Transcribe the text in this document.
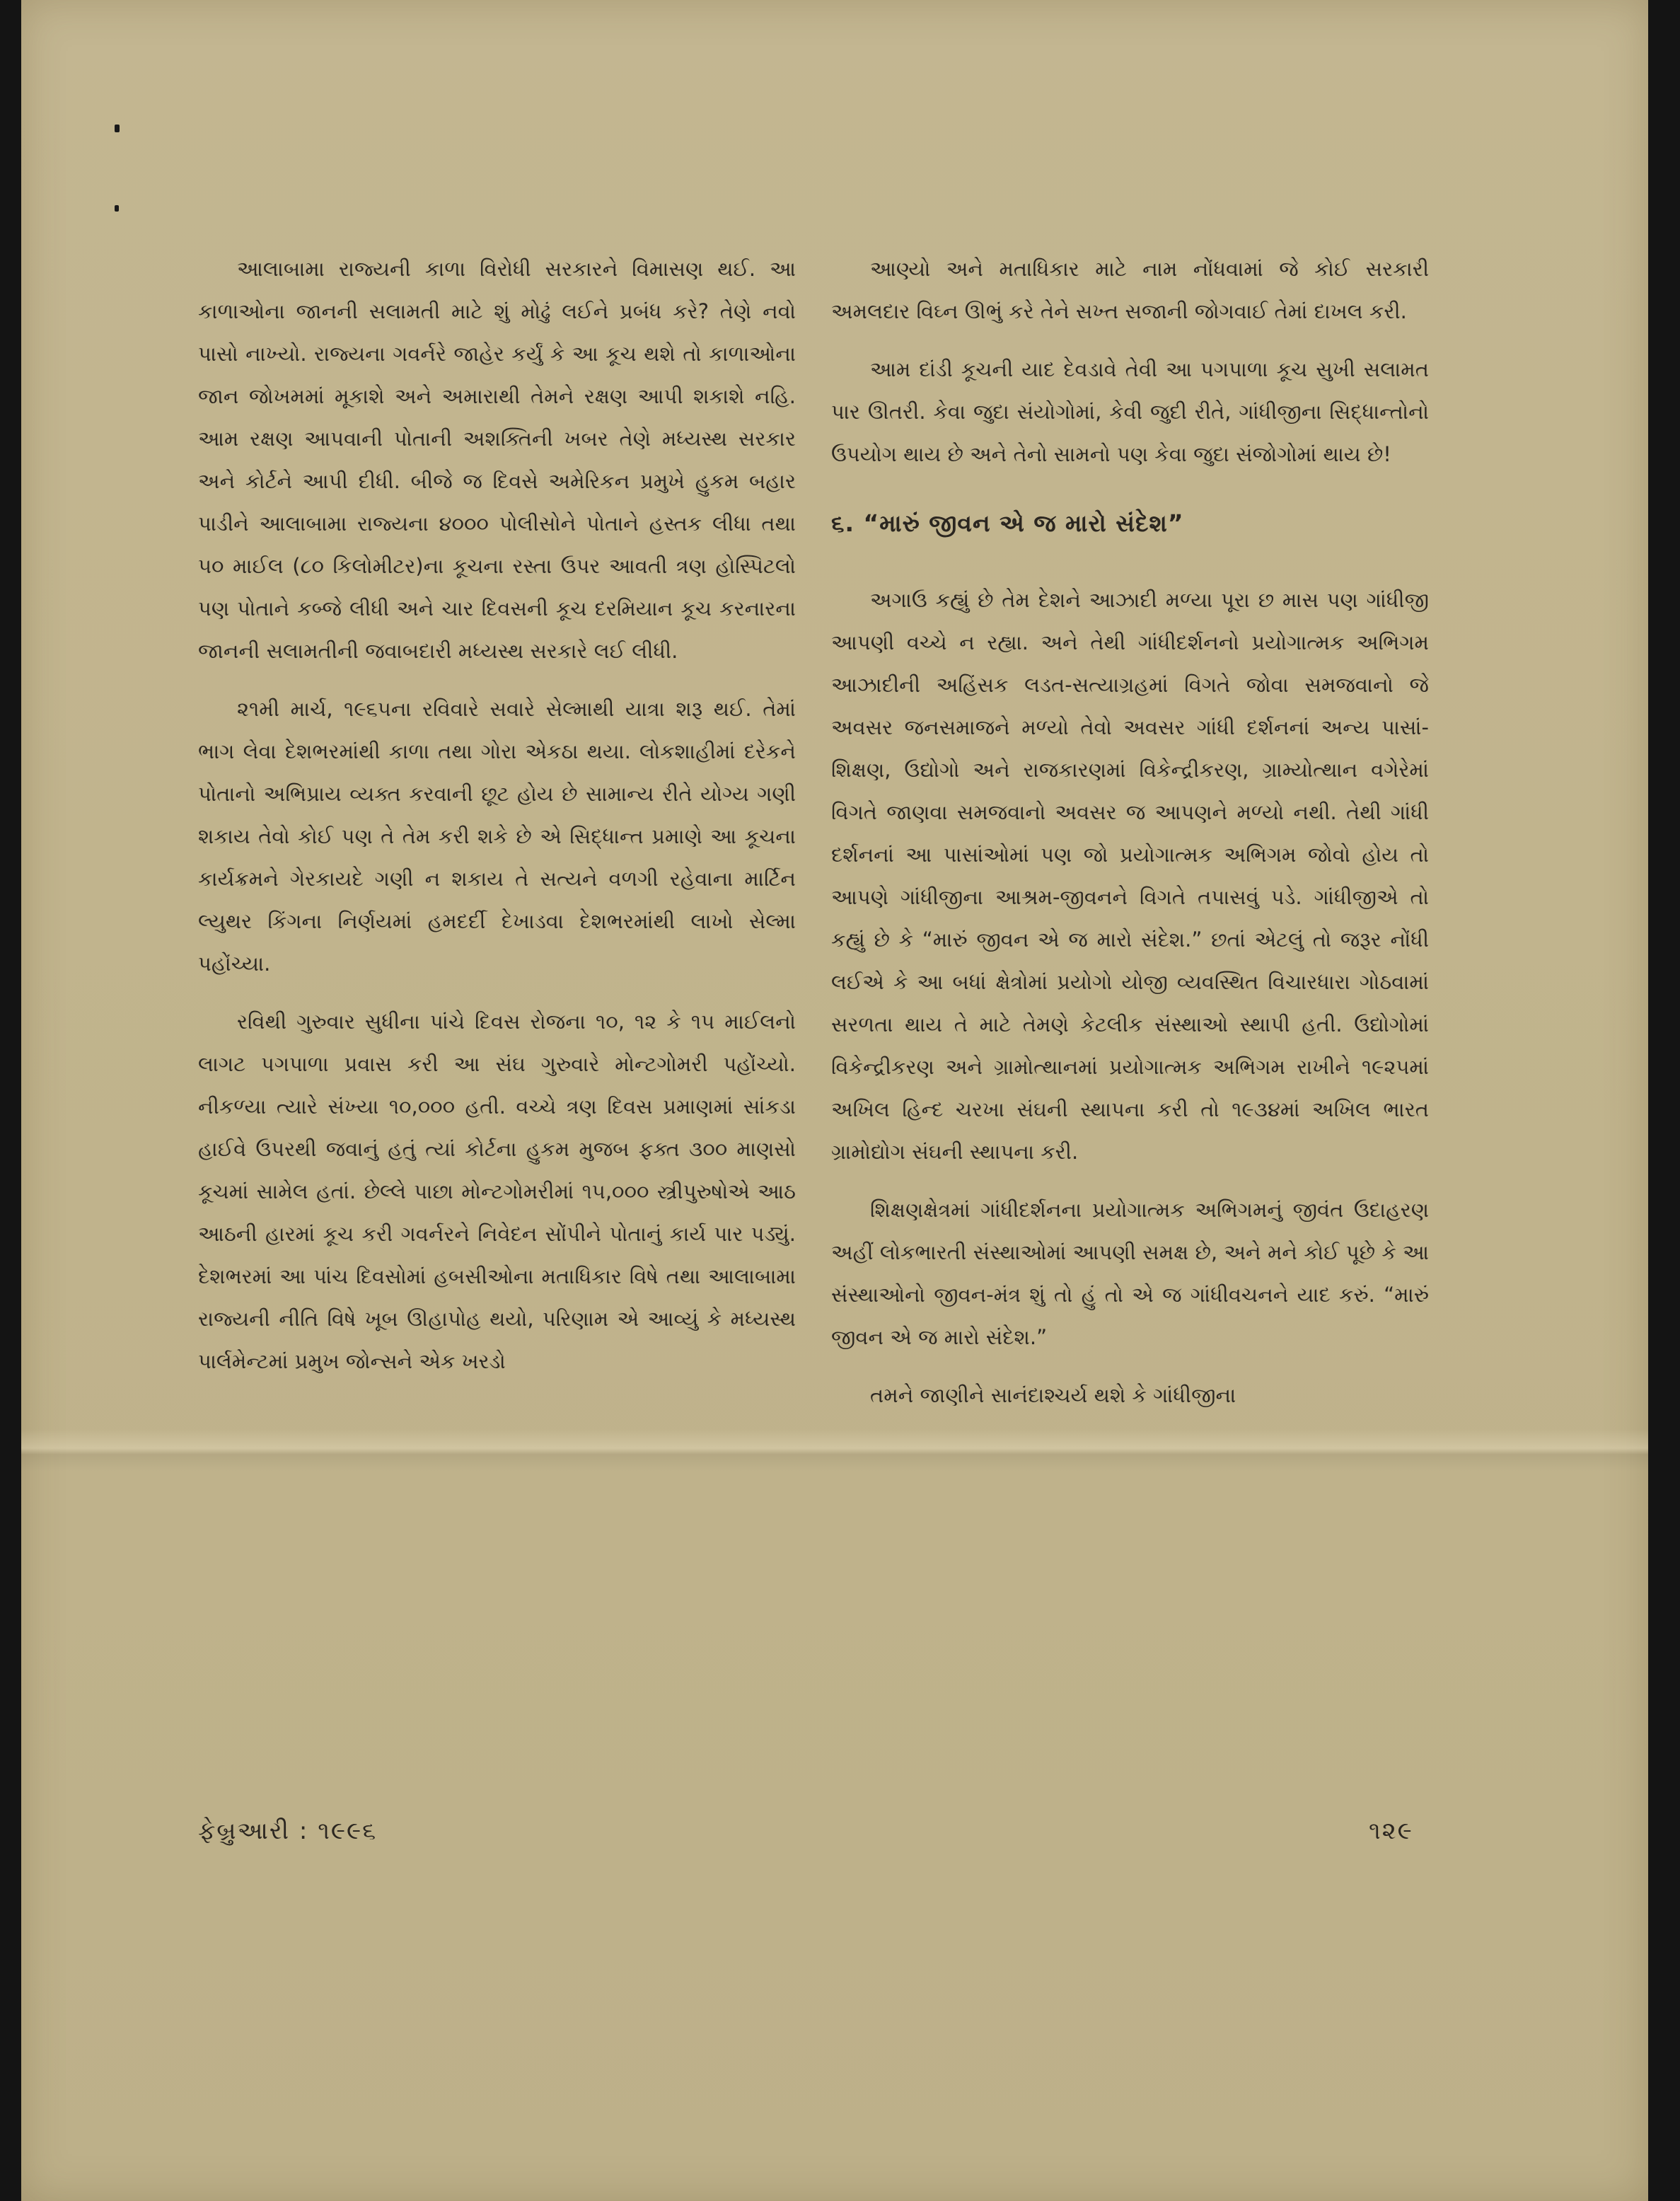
આલાબામા રાજ્યની કાળા વિરોધી સરકારને વિમાસણ થઈ. આ કાળાઓના જાનની સલામતી માટે શું મોઢું લઈને પ્રબંધ કરે? તેણે નવો પાસો નાખ્યો. રાજ્યના ગવર્નરે જાહેર કર્યું કે આ કૂચ થશે તો કાળાઓના જાન જોખમમાં મૂકાશે અને અમારાથી તેમને રક્ષણ આપી શકાશે નહિ. આમ રક્ષણ આપવાની પોતાની અશક્તિની ખબર તેણે મધ્યસ્થ સરકાર અને કોર્ટને આપી દીધી. બીજે જ દિવસે અમેરિકન પ્રમુખે હુકમ બહાર પાડીને આલાબામા રાજ્યના ૪૦૦૦ પોલીસોને પોતાને હસ્તક લીધા તથા ૫૦ માઈલ (૮૦ કિલોમીટર)ના કૂચના રસ્તા ઉપર આવતી ત્રણ હોસ્પિટલો પણ પોતાને કબ્જે લીધી અને ચાર દિવસની કૂચ દરમિયાન કૂચ કરનારના જાનની સલામતીની જવાબદારી મધ્યસ્થ સરકારે લઈ લીધી.

૨૧મી માર્ચ, ૧૯૬૫ના રવિવારે સવારે સેલ્માથી યાત્રા શરૂ થઈ. તેમાં ભાગ લેવા દેશભરમાંથી કાળા તથા ગોરા એકઠા થયા. લોકશાહીમાં દરેકને પોતાનો અભિપ્રાય વ્યક્ત કરવાની છૂટ હોય છે સામાન્ય રીતે યોગ્ય ગણી શકાય તેવો કોઈ પણ તે તેમ કરી શકે છે એ સિદ્ધાન્ત પ્રમાણે આ કૂચના કાર્યક્રમને ગેરકાયદે ગણી ન શકાય તે સત્યને વળગી રહેવાના માર્ટિન લ્યુથર કિંગના નિર્ણયમાં હમદર્દી દેખાડવા દેશભરમાંથી લાખો સેલ્મા પહોંચ્યા.

રવિથી ગુરુવાર સુધીના પાંચે દિવસ રોજના ૧૦, ૧૨ કે ૧૫ માઈલનો લાગટ પગપાળા પ્રવાસ કરી આ સંઘ ગુરુવારે મોન્ટગોમરી પહોંચ્યો. નીકળ્યા ત્યારે સંખ્યા ૧૦,૦૦૦ હતી. વચ્ચે ત્રણ દિવસ પ્રમાણમાં સાંકડા હાઈવે ઉપરથી જવાનું હતું ત્યાં કોર્ટના હુકમ મુજબ ફક્ત ૩૦૦ માણસો કૂચમાં સામેલ હતાં. છેલ્લે પાછા મોન્ટગોમરીમાં ૧૫,૦૦૦ સ્ત્રીપુરુષોએ આઠ આઠની હારમાં કૂચ કરી ગવર્નરને નિવેદન સોંપીને પોતાનું કાર્ય પાર પડ્યું. દેશભરમાં આ પાંચ દિવસોમાં હબસીઓના મતાધિકાર વિષે તથા આલાબામા રાજ્યની નીતિ વિષે ખૂબ ઊહાપોહ થયો, પરિણામ એ આવ્યું કે મધ્યસ્થ પાર્લમેન્ટમાં પ્રમુખ જોન્સને એક ખરડો

આણ્યો અને મતાધિકાર માટે નામ નોંધવામાં જે કોઈ સરકારી અમલદાર વિઘ્ન ઊભું કરે તેને સખ્ત સજાની જોગવાઈ તેમાં દાખલ કરી.

આમ દાંડી કૂચની યાદ દેવડાવે તેવી આ પગપાળા કૂચ સુખી સલામત પાર ઊતરી. કેવા જુદા સંયોગોમાં, કેવી જુદી રીતે, ગાંધીજીના સિદ્ધાન્તોનો ઉપયોગ થાય છે અને તેનો સામનો પણ કેવા જુદા સંજોગોમાં થાય છે!

૬. “મારું જીવન એ જ મારો સંદેશ”

અગાઉ કહ્યું છે તેમ દેશને આઝાદી મળ્યા પૂરા છ માસ પણ ગાંધીજી આપણી વચ્ચે ન રહ્યા. અને તેથી ગાંધીદર્શનનો પ્રયોગાત્મક અભિગમ આઝાદીની અહિંસક લડત-સત્યાગ્રહમાં વિગતે જોવા સમજવાનો જે અવસર જનસમાજને મળ્યો તેવો અવસર ગાંધી દર્શનનાં અન્ય પાસાં-શિક્ષણ, ઉદ્યોગો અને રાજકારણમાં વિકેન્દ્રીકરણ, ગ્રામ્યોત્થાન વગેરેમાં વિગતે જાણવા સમજવાનો અવસર જ આપણને મળ્યો નથી. તેથી ગાંધી દર્શનનાં આ પાસાંઓમાં પણ જો પ્રયોગાત્મક અભિગમ જોવો હોય તો આપણે ગાંધીજીના આશ્રમ-જીવનને વિગતે તપાસવું પડે. ગાંધીજીએ તો કહ્યું છે કે “મારું જીવન એ જ મારો સંદેશ.” છતાં એટલું તો જરૂર નોંધી લઈએ કે આ બધાં ક્ષેત્રોમાં પ્રયોગો યોજી વ્યવસ્થિત વિચારધારા ગોઠવામાં સરળતા થાય તે માટે તેમણે કેટલીક સંસ્થાઓ સ્થાપી હતી. ઉદ્યોગોમાં વિકેન્દ્રીકરણ અને ગ્રામોત્થાનમાં પ્રયોગાત્મક અભિગમ રાખીને ૧૯૨૫માં અખિલ હિન્દ ચરખા સંઘની સ્થાપના કરી તો ૧૯૩૪માં અખિલ ભારત ગ્રામોદ્યોગ સંઘની સ્થાપના કરી.

શિક્ષણક્ષેત્રમાં ગાંધીદર્શનના પ્રયોગાત્મક અભિગમનું જીવંત ઉદાહરણ અહીં લોકભારતી સંસ્થાઓમાં આપણી સમક્ષ છે, અને મને કોઈ પૂછે કે આ સંસ્થાઓનો જીવન-મંત્ર શું તો હું તો એ જ ગાંધીવચનને યાદ કરું. “મારું જીવન એ જ મારો સંદેશ.”

તમને જાણીને સાનંદાશ્ચર્ય થશે કે ગાંધીજીના

ફેબ્રુઆરી : ૧૯૯૬	૧૨૯
